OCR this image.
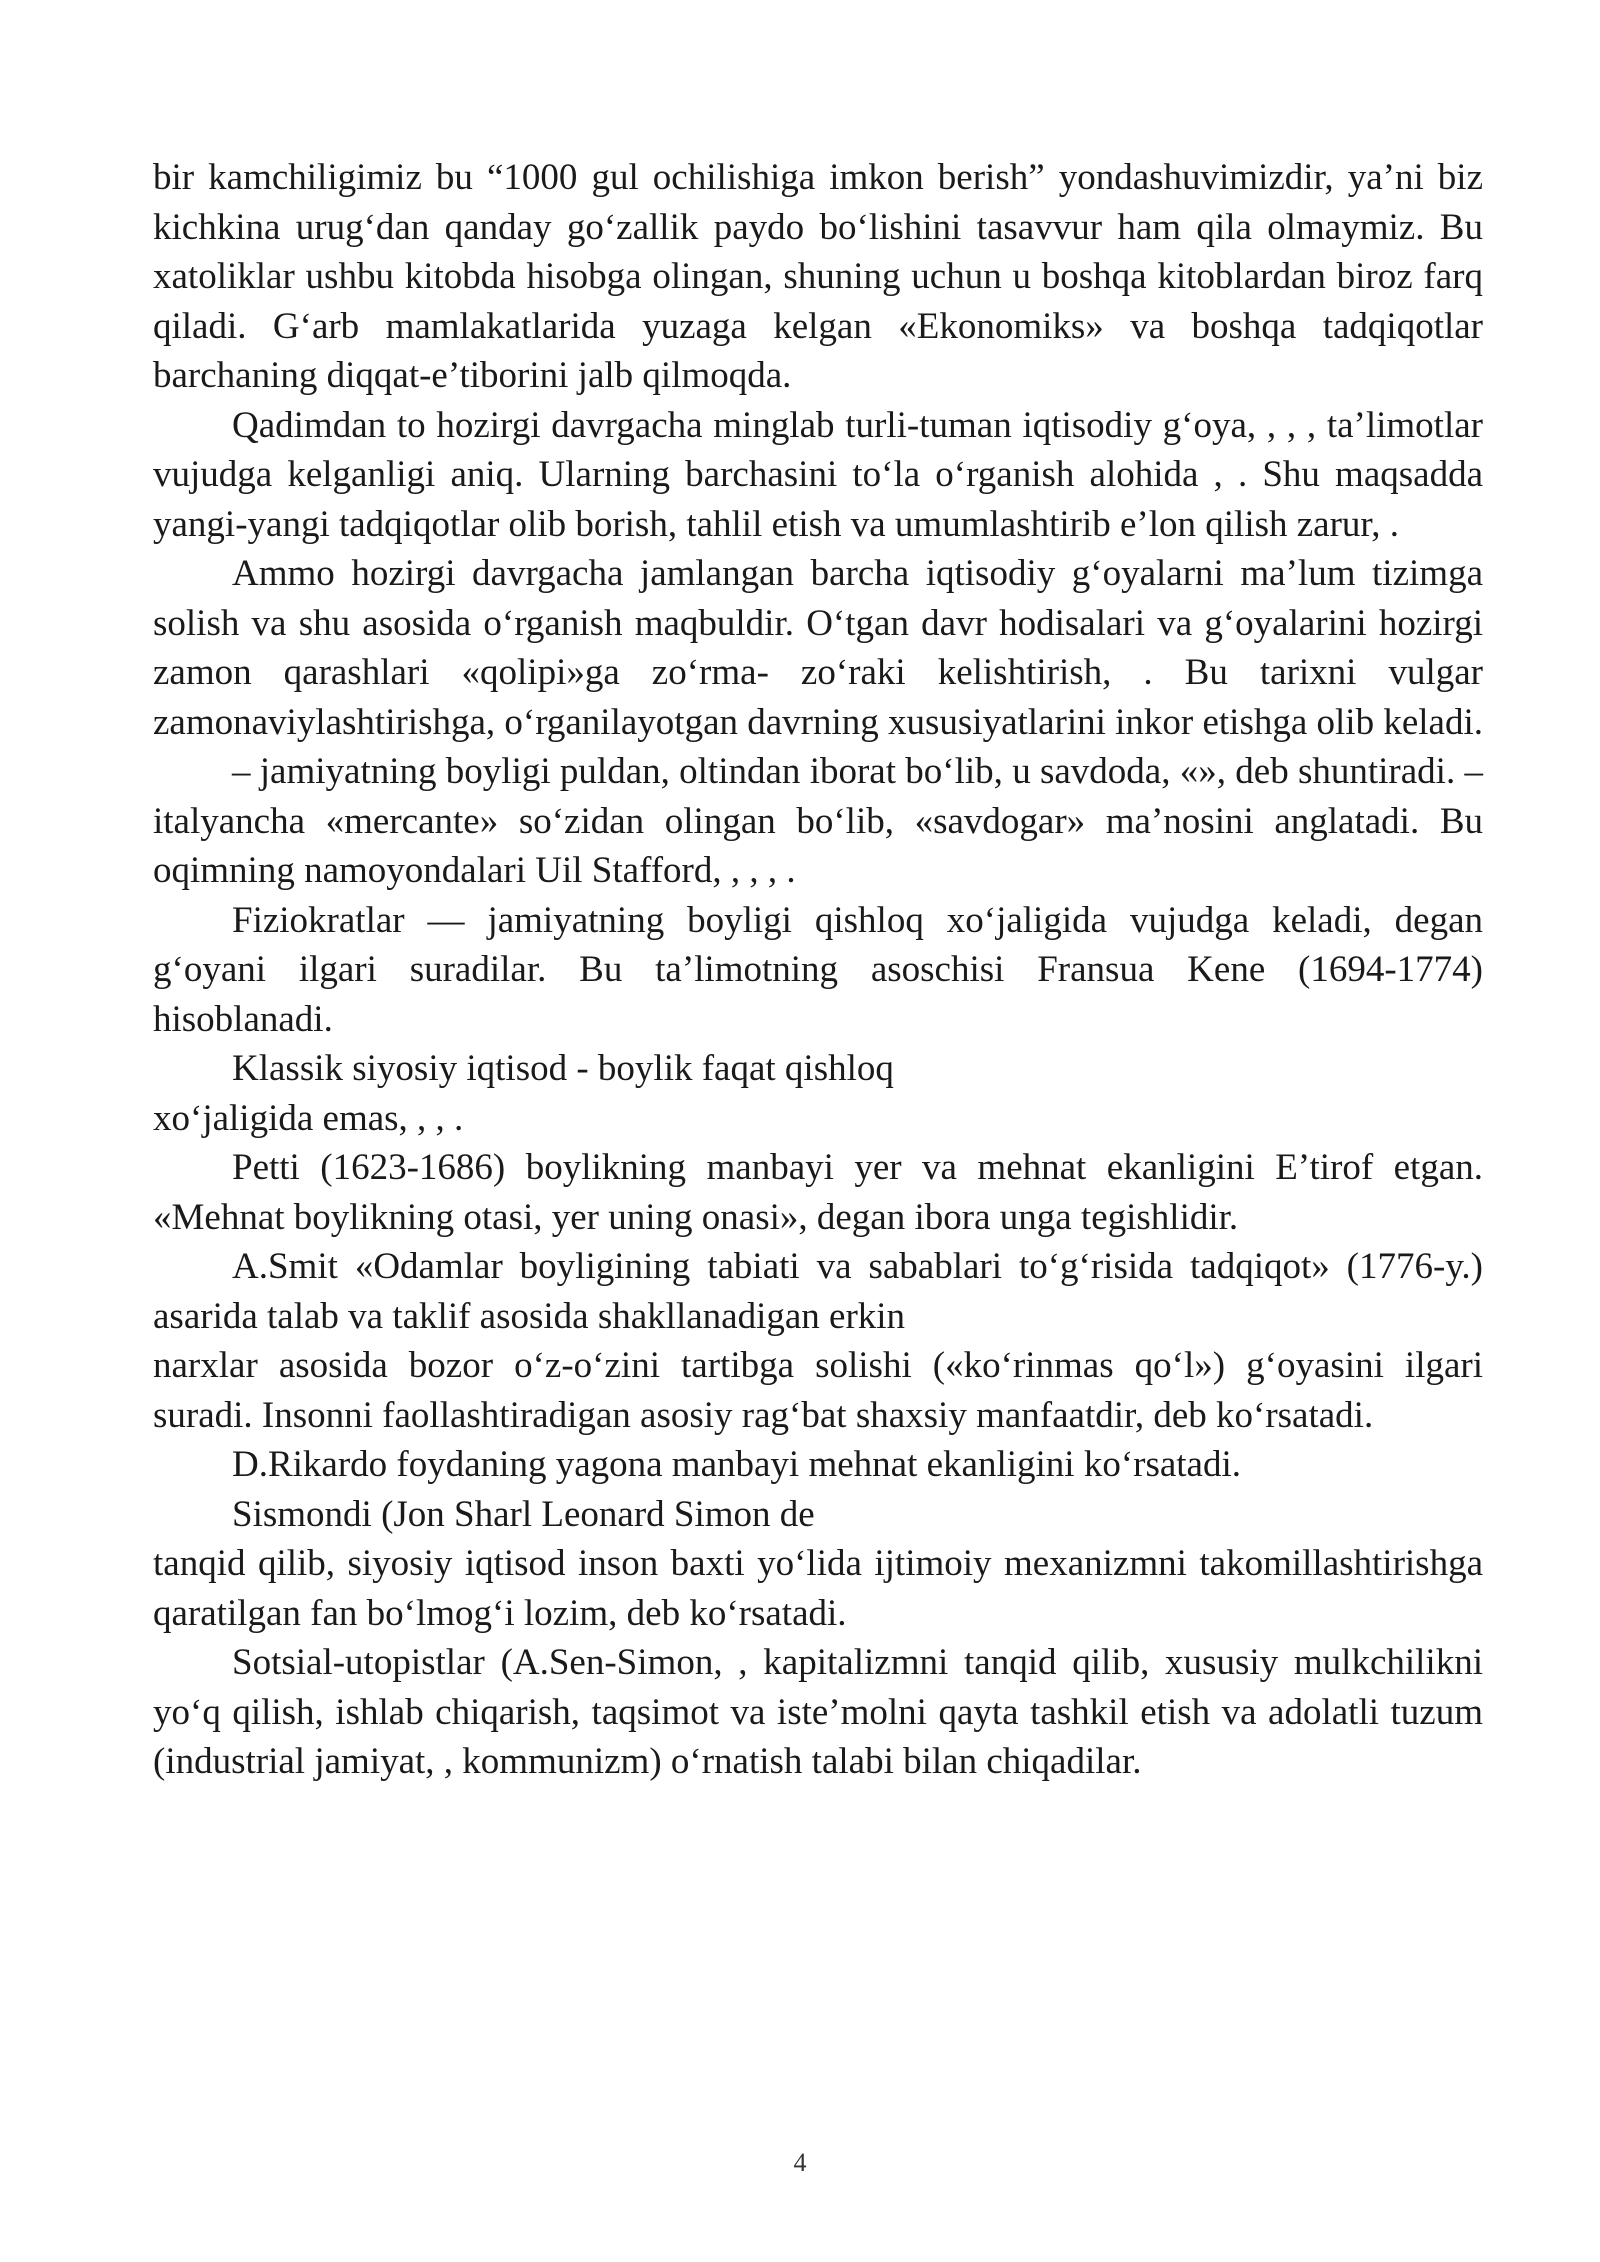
bir kamchiligimiz bu “1000 gul ochilishiga imkon berish” yondashuvimizdir, ya’ni biz kichkina urug‘dan qanday go‘zallik paydo bo‘lishini tasavvur ham qila olmaymiz. Bu xatoliklar ushbu kitobda hisobga olingan, shuning uchun u boshqa kitoblardan biroz farq qiladi. G‘arb mamlakatlarida yuzaga kelgan «Ekonomiks» va boshqa tadqiqotlar barchaning diqqat-e’tiborini jalb qilmoqda.

Qadimdan to hozirgi davrgacha minglab turli-tuman iqtisodiy g‘oya, , , , ta’limotlar vujudga kelganligi aniq. Ularning barchasini to‘la o‘rganish alohida , . Shu maqsadda yangi-yangi tadqiqotlar olib borish, tahlil etish va umumlashtirib e’lon qilish zarur, .

Ammo hozirgi davrgacha jamlangan barcha iqtisodiy g‘oyalarni ma’lum tizimga solish va shu asosida o‘rganish maqbuldir. O‘tgan davr hodisalari va g‘oyalarini hozirgi zamon qarashlari «qolipi»ga zo‘rma- zo‘raki kelishtirish, . Bu tarixni vulgar zamonaviylashtirishga, o‘rganilayotgan davrning xususiyatlarini inkor etishga olib keladi.

– jamiyatning boyligi puldan, oltindan iborat bo‘lib, u savdoda, «», deb shuntiradi. – italyancha «mercante» so‘zidan olingan bo‘lib, «savdogar» ma’nosini anglatadi. Bu oqimning namoyondalari Uil Stafford, , , , .

Fiziokratlar — jamiyatning boyligi qishloq xo‘jaligida vujudga keladi, degan g‘oyani ilgari suradilar. Bu ta’limotning asoschisi Fransua Kene (1694-1774) hisoblanadi.

Klassik siyosiy iqtisod - boylik faqat qishloq

xo‘jaligida emas, , , .

Petti (1623-1686) boylikning manbayi yer va mehnat ekanligini E’tirof etgan. «Mehnat boylikning otasi, yer uning onasi», degan ibora unga tegishlidir.

A.Smit «Odamlar boyligining tabiati va sabablari to‘g‘risida tadqiqot» (1776-y.) asarida talab va taklif asosida shakllanadigan erkin

narxlar asosida bozor o‘z-o‘zini tartibga solishi («ko‘rinmas qo‘l») g‘oyasini ilgari suradi. Insonni faollashtiradigan asosiy rag‘bat shaxsiy manfaatdir, deb ko‘rsatadi.

D.Rikardo foydaning yagona manbayi mehnat ekanligini ko‘rsatadi.

Sismondi (Jon Sharl Leonard Simon de

tanqid qilib, siyosiy iqtisod inson baxti yo‘lida ijtimoiy mexanizmni takomillashtirishga qaratilgan fan bo‘lmog‘i lozim, deb ko‘rsatadi.

Sotsial-utopistlar (A.Sen-Simon, , kapitalizmni tanqid qilib, xususiy mulkchilikni yo‘q qilish, ishlab chiqarish, taqsimot va iste’molni qayta tashkil etish va adolatli tuzum (industrial jamiyat, , kommunizm) o‘rnatish talabi bilan chiqadilar.

4
